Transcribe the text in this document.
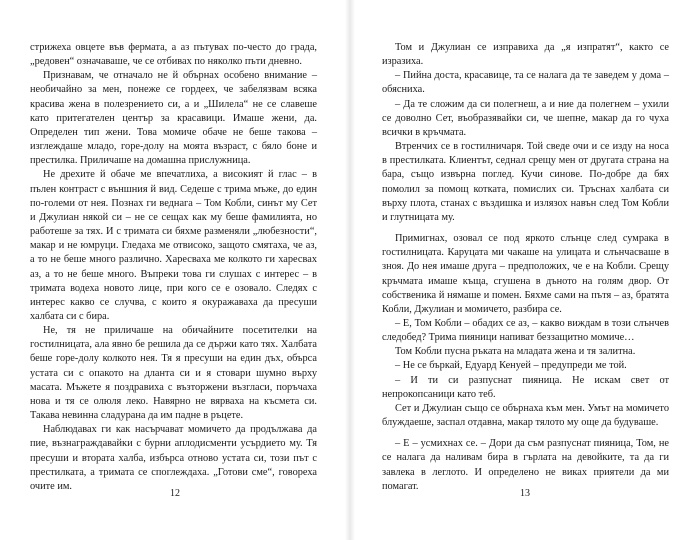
стрижеха овцете във фермата, а аз пътувах по-често до града, „редовен“ означаваше, че се отбивах по няколко пъти дневно.

Признавам, че отначало не й обърнах особено внимание – необичайно за мен, понеже се гордеех, че забелязвам всяка красива жена в полезрението си, а и „Шилела“ не се славеше като притегателен център за красавици. Имаше жени, да. Определен тип жени. Това момиче обаче не беше такова – изглеждаше младо, горе-долу на моята възраст, с бяло боне и престилка. Приличаше на домашна прислужница.

Не дрехите й обаче ме впечатлиха, а високият й глас – в пълен контраст с външния й вид. Седеше с трима мъже, до един по-големи от нея. Познах ги веднага – Том Кобли, синът му Сет и Джулиан някой си – не се сещах как му беше фамилията, но работеше за тях. И с тримата си бяхме разменяли „любезности“, макар и не юмруци. Гледаха ме отвисоко, защото смятаха, че аз, а то не беше много различно. Харесваха ме колкото ги харесвах аз, а то не беше много. Въпреки това ги слушах с интерес – в тримата водеха новото лице, при кого се е озовало. Следях с интерес какво се случва, с които я окуражаваха да пресуши халбата си с бира.

Не, тя не приличаше на обичайните посетителки на гостилницата, ала явно бе решила да се държи като тях. Халбата беше горе-долу колкото нея. Тя я пресуши на един дъх, обърса устата си с опакото на дланта си и я стовари шумно върху масата. Мъжете я поздравиха с възторжени възгласи, поръчаха нова и тя се олюля леко. Навярно не вярваха на късмета си. Такава невинна сладурана да им падне в ръцете.

Наблюдавах ги как насърчават момичето да продължава да пие, възнаграждавайки с бурни аплодисменти усърдието му. Тя пресуши и втората халба, избърса отново устата си, този път с престилката, а тримата се споглеждаха. „Готови сме“, говореха очите им.

12

Том и Джулиан се изправиха да „я изпратят“, както се изразиха.

– Пийна доста, красавице, та се налага да те заведем у дома – обясниха.

– Да те сложим да си полегнеш, а и ние да полегнем – ухили се доволно Сет, въобразявайки си, че шепне, макар да го чуха всички в кръчмата.

Втренчих се в гостилничаря. Той сведе очи и се изду на носа в престилката. Клиентът, седнал срещу мен от другата страна на бара, също извърна поглед. Кучи синове. По-добре да бях помолил за помощ котката, помислих си. Тръснах халбата си върху плота, станах с въздишка и излязох навън след Том Кобли и глутницата му.

Примигнах, озовал се под яркото слънце след сумрака в гостилницата. Каруцата ми чакаше на улицата и слънчасваше в зноя. До нея имаше друга – предположих, че е на Кобли. Срещу кръчмата имаше къща, сгушена в дъното на голям двор. От собственика й нямаше и помен. Бяхме сами на пътя – аз, братята Кобли, Джулиан и момичето, разбира се.

– Е, Том Кобли – обадих се аз, – какво виждам в този слънчев следобед? Трима пияници напиват беззащитно момиче…

Том Кобли пусна ръката на младата жена и тя залитна.

– Не се бъркай, Едуард Кенуей – предупреди ме той.

– И ти си разпуснат пияница. Не искам свет от непрокопсаници като теб.

Сет и Джулиан също се обърнаха към мен. Умът на момичето блуждаеше, заспал отдавна, макар тялото му още да будуваше.

– Е – усмихнах се. – Дори да съм разпуснат пияница, Том, не се налага да наливам бира в гърлата на девойките, та да ги завлека в леглото. И определено не виках приятели да ми помагат.

13
